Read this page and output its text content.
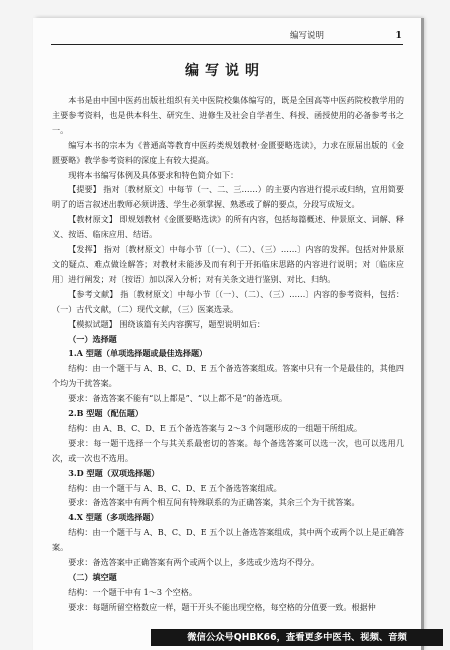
编写说明	1
编写说明

本书是由中国中医药出版社组织有关中医院校集体编写的，既是全国高等中医药院校教学用的主要参考资料，也是供本科生、研究生、进修生及社会自学者生、科授、函授使用的必备参考书之一。

编写本书的宗本为《普通高等教育中医药类规划教材·金匮要略选读》，力求在原届出版的《金匮要略》教学参考资料的深度上有较大提高。

现将本书编写体例及具体要求和特色简介如下：

【提要】 指对〔教材原文〕中每节（一、二、三……）的主要内容进行提示或归纳，宜用简要明了的语言叙述出教师必须讲透、学生必须掌握、熟悉或了解的要点，分段写成短文。

【教材原文】 即规划教材《金匮要略选读》的所有内容，包括每篇概述、仲景原文、词解、释义、按语、临床应用、结语。

【发挥】 指对〔教材原文〕中每小节〔（一）、（二）、（三）……〕内容的发挥。包括对仲景原文的疑点、难点做诠解答；对教材未能涉及而有利于开拓临床思路的内容进行说明；对〔临床应用〕进行阐发；对〔按语〕加以深入分析；对有关条文进行鉴别、对比、归纳。

【参考文献】 指〔教材原文〕中每小节〔（一）、（二）、（三）……〕内容的参考资料，包括：（一）古代文献，（二）现代文献，（三）医案选录。

【模拟试题】 围绕该篇有关内容撰写，题型说明如后：

（一）选择题

1.A 型题（单项选择题或最佳选择题）

结构：由一个题干与 A、B、C、D、E 五个备选答案组成。答案中只有一个是最佳的，其他四个均为干扰答案。

要求：备选答案不能有“以上都是”、“以上都不是”的备选项。

2.B 型题（配伍题）

结构：由 A、B、C、D、E 五个备选答案与 2～3 个问题形成的一组题干所组成。

要求：每一题干选择一个与其关系最密切的答案。每个备选答案可以选一次，也可以选用几次，或一次也不选用。

3.D 型题（双项选择题）

结构：由一个题干与 A、B、C、D、E 五个备选答案组成。

要求：备选答案中有两个相互间有特殊联系的为正确答案，其余三个为干扰答案。

4.X 型题（多项选择题）

结构：由一个题干与 A、B、C、D、E 五个以上备选答案组成，其中两个或两个以上是正确答案。

要求：备选答案中正确答案有两个或两个以上，多选或少选均不得分。

（二）填空题

结构：一个题干中有 1～3 个空格。

要求：每题所留空格数应一样，题干开头不能出现空格，每空格的分值要一致。根据仲

微信公众号QHBK66，查看更多中医书、视频、音频
